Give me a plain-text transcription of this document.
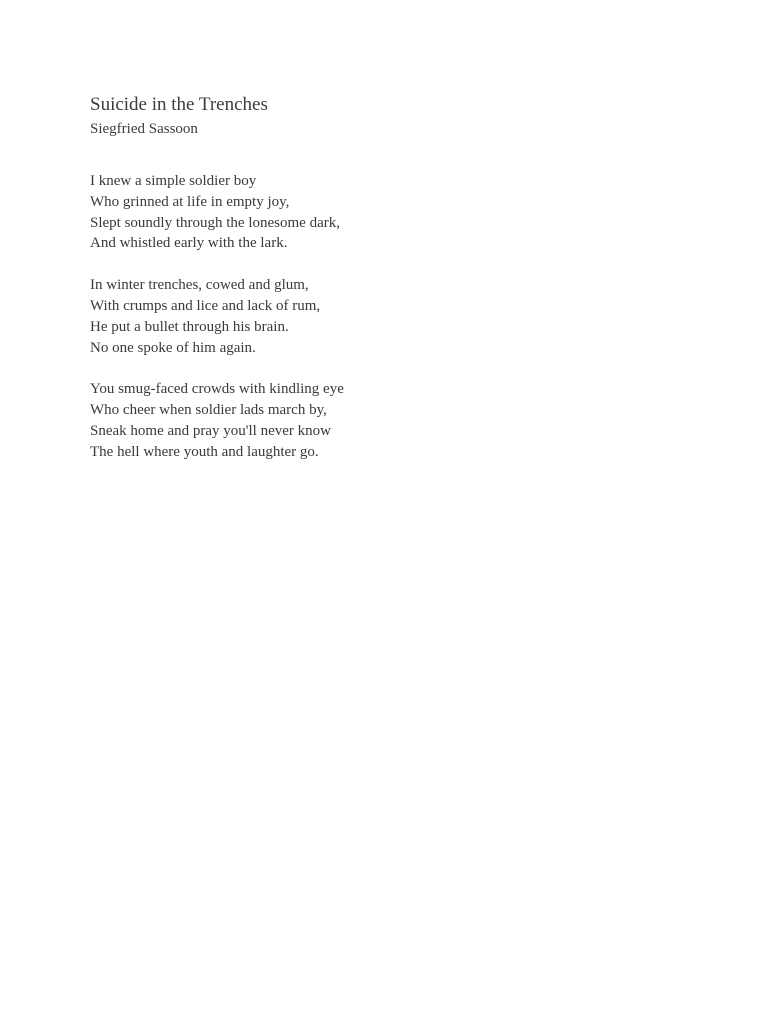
Suicide in the Trenches

Siegfried Sassoon

I knew a simple soldier boy
Who grinned at life in empty joy,
Slept soundly through the lonesome dark,
And whistled early with the lark.
In winter trenches, cowed and glum,
With crumps and lice and lack of rum,
He put a bullet through his brain.
No one spoke of him again.
You smug-faced crowds with kindling eye
Who cheer when soldier lads march by,
Sneak home and pray you'll never know
The hell where youth and laughter go.
